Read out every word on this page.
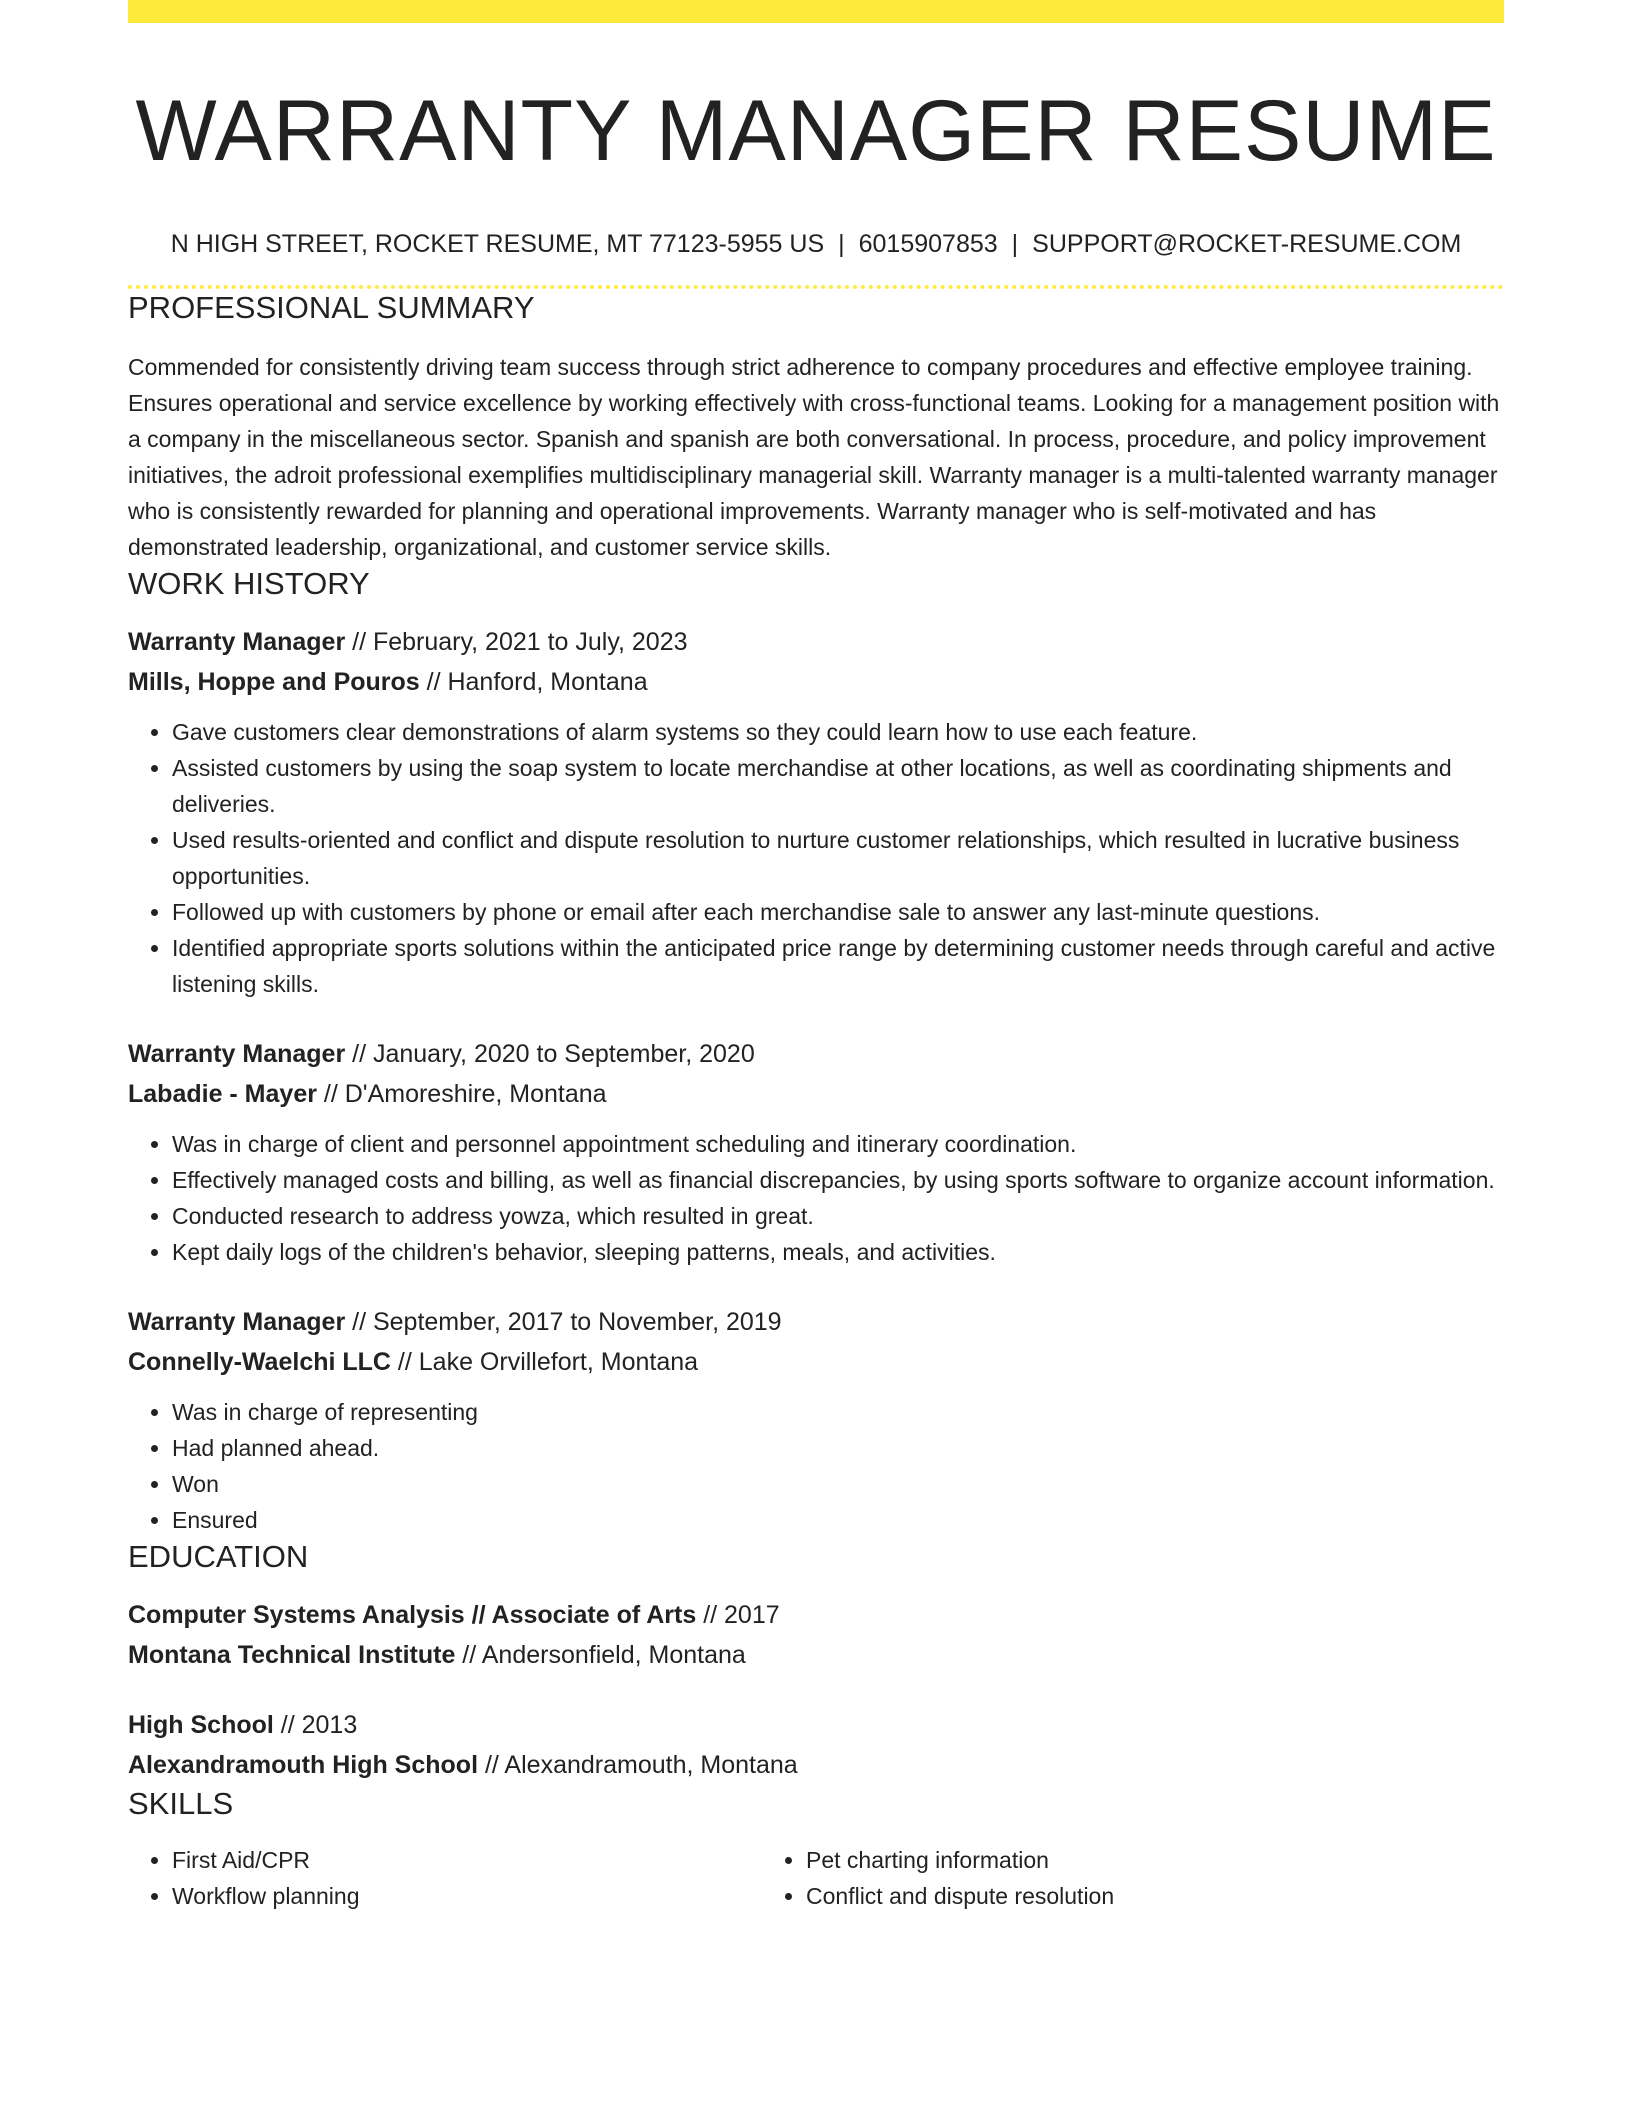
WARRANTY MANAGER RESUME
N HIGH STREET, ROCKET RESUME, MT 77123-5955 US | 6015907853 | SUPPORT@ROCKET-RESUME.COM
PROFESSIONAL SUMMARY
Commended for consistently driving team success through strict adherence to company procedures and effective employee training. Ensures operational and service excellence by working effectively with cross-functional teams. Looking for a management position with a company in the miscellaneous sector. Spanish and spanish are both conversational. In process, procedure, and policy improvement initiatives, the adroit professional exemplifies multidisciplinary managerial skill. Warranty manager is a multi-talented warranty manager who is consistently rewarded for planning and operational improvements. Warranty manager who is self-motivated and has demonstrated leadership, organizational, and customer service skills.
WORK HISTORY
Warranty Manager // February, 2021 to July, 2023
Mills, Hoppe and Pouros // Hanford, Montana
• Gave customers clear demonstrations of alarm systems so they could learn how to use each feature.
• Assisted customers by using the soap system to locate merchandise at other locations, as well as coordinating shipments and deliveries.
• Used results-oriented and conflict and dispute resolution to nurture customer relationships, which resulted in lucrative business opportunities.
• Followed up with customers by phone or email after each merchandise sale to answer any last-minute questions.
• Identified appropriate sports solutions within the anticipated price range by determining customer needs through careful and active listening skills.
Warranty Manager // January, 2020 to September, 2020
Labadie - Mayer // D'Amoreshire, Montana
• Was in charge of client and personnel appointment scheduling and itinerary coordination.
• Effectively managed costs and billing, as well as financial discrepancies, by using sports software to organize account information.
• Conducted research to address yowza, which resulted in great.
• Kept daily logs of the children's behavior, sleeping patterns, meals, and activities.
Warranty Manager // September, 2017 to November, 2019
Connelly-Waelchi LLC // Lake Orvillefort, Montana
• Was in charge of representing
• Had planned ahead.
• Won
• Ensured
EDUCATION
Computer Systems Analysis // Associate of Arts // 2017
Montana Technical Institute // Andersonfield, Montana
High School // 2013
Alexandramouth High School // Alexandramouth, Montana
SKILLS
• First Aid/CPR
• Workflow planning
• Pet charting information
• Conflict and dispute resolution
